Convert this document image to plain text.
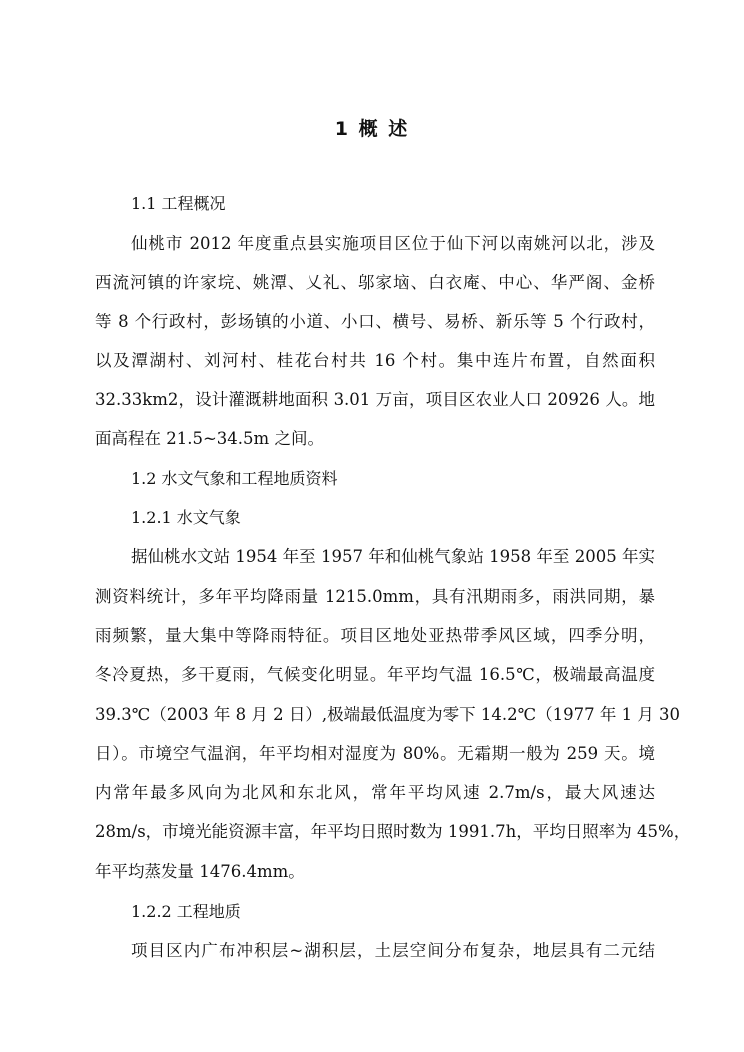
1 概 述
1.1 工程概况
仙桃市 2012 年度重点县实施项目区位于仙下河以南姚河以北，涉及
西流河镇的许家垸、姚潭、乂礼、邬家垴、白衣庵、中心、华严阁、金桥
等 8 个行政村，彭场镇的小道、小口、横号、易桥、新乐等 5 个行政村，
以及潭湖村、刘河村、桂花台村共 16 个村。集中连片布置，自然面积
32.33km2，设计灌溉耕地面积 3.01 万亩，项目区农业人口 20926 人。地
面高程在 21.5~34.5m 之间。
1.2 水文气象和工程地质资料
1.2.1 水文气象
据仙桃水文站 1954 年至 1957 年和仙桃气象站 1958 年至 2005 年实
测资料统计，多年平均降雨量 1215.0mm，具有汛期雨多，雨洪同期，暴
雨频繁，量大集中等降雨特征。项目区地处亚热带季风区域，四季分明，
冬冷夏热，多干夏雨，气候变化明显。年平均气温 16.5℃，极端最高温度
39.3℃（2003 年 8 月 2 日）,极端最低温度为零下 14.2℃（1977 年 1 月 30
日）。市境空气温润，年平均相对湿度为 80%。无霜期一般为 259 天。境
内常年最多风向为北风和东北风，常年平均风速 2.7m/s，最大风速达
28m/s，市境光能资源丰富，年平均日照时数为 1991.7h，平均日照率为 45%，
年平均蒸发量 1476.4mm。
1.2.2 工程地质
项目区内广布冲积层~湖积层，土层空间分布复杂，地层具有二元结
